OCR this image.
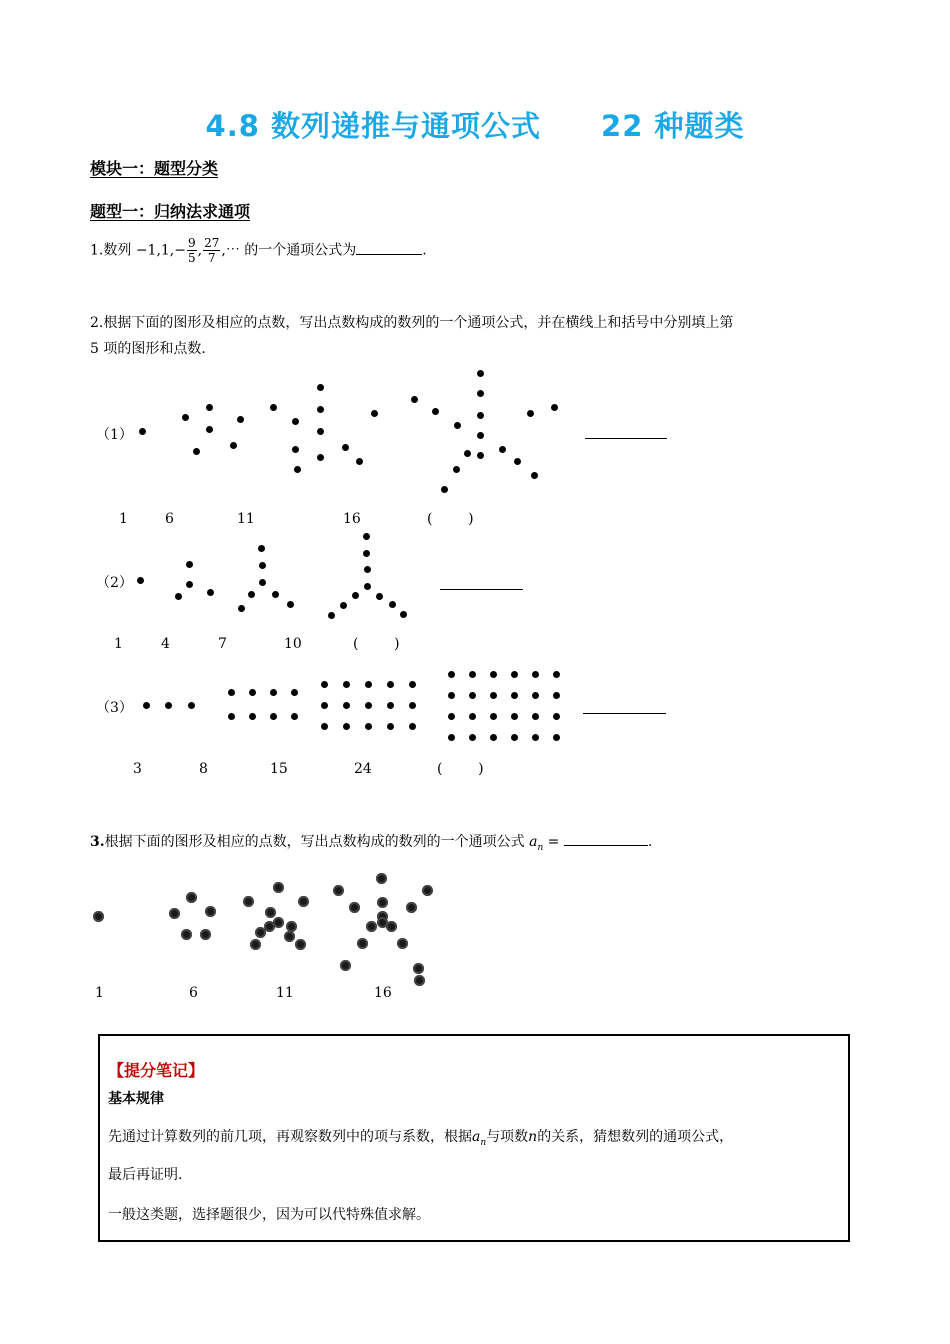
4.8 数列递推与通项公式 22 种题类
模块一：题型分类
题型一：归纳法求通项
1.数列 $-1,1,- \frac{9}{5}$ , $\frac{27}{7}$ ,⋯ 的一个通项公式为	.
2.根据下面的图形及相应的点数，写出点数构成的数列的一个通项公式，并在横线上和括号中分别填上第
5 项的图形和点数.
（1）
1	6	11	16	(        )
（2）
1	4	7	10	(        )
（3）
3	8	15	24	(        )
3.根据下面的图形及相应的点数，写出点数构成的数列的一个通项公式 $a_n$ =	.
1	6	11	16
【提分笔记】
基本规律
先通过计算数列的前几项，再观察数列中的项与系数，根据$a_n$与项数n的关系，猜想数列的通项公式，
最后再证明.
一般这类题，选择题很少，因为可以代特殊值求解。
